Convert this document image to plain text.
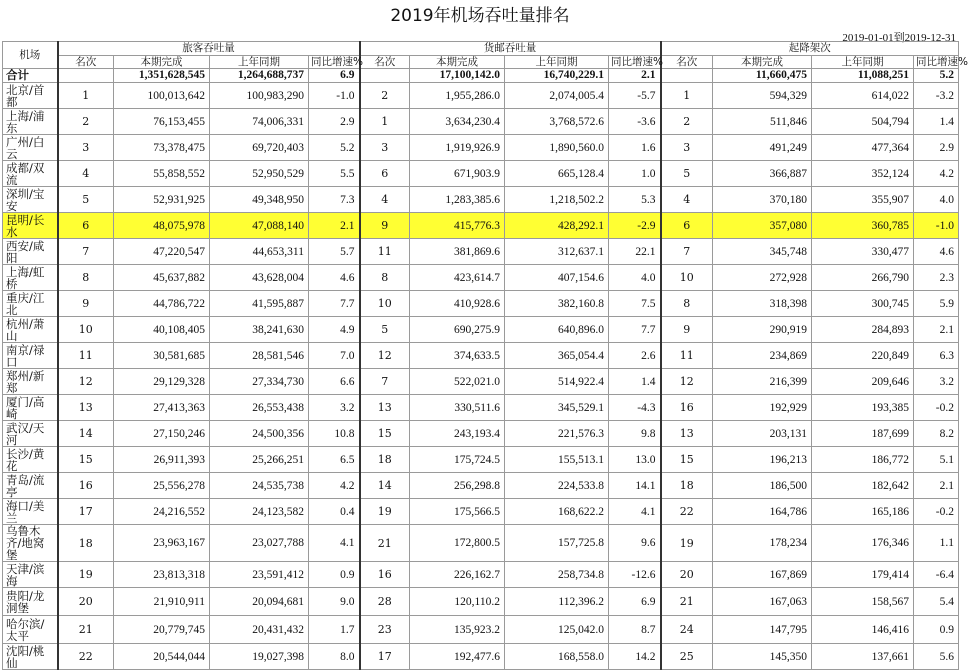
2019年机场吞吐量排名
2019-01-01到2019-12-31
机场	旅客吞吐量				货邮吞吐量				起降架次			
	名次	本期完成	上年同期	同比增速%	名次	本期完成	上年同期	同比增速%	名次	本期完成	上年同期	同比增速%
合计		1,351,628,545	1,264,688,737	6.9		17,100,142.0	16,740,229.1	2.1		11,660,475	11,088,251	5.2
北京/首都	1	100,013,642	100,983,290	-1.0	2	1,955,286.0	2,074,005.4	-5.7	1	594,329	614,022	-3.2
上海/浦东	2	76,153,455	74,006,331	2.9	1	3,634,230.4	3,768,572.6	-3.6	2	511,846	504,794	1.4
广州/白云	3	73,378,475	69,720,403	5.2	3	1,919,926.9	1,890,560.0	1.6	3	491,249	477,364	2.9
成都/双流	4	55,858,552	52,950,529	5.5	6	671,903.9	665,128.4	1.0	5	366,887	352,124	4.2
深圳/宝安	5	52,931,925	49,348,950	7.3	4	1,283,385.6	1,218,502.2	5.3	4	370,180	355,907	4.0
昆明/长水	6	48,075,978	47,088,140	2.1	9	415,776.3	428,292.1	-2.9	6	357,080	360,785	-1.0
西安/咸阳	7	47,220,547	44,653,311	5.7	11	381,869.6	312,637.1	22.1	7	345,748	330,477	4.6
上海/虹桥	8	45,637,882	43,628,004	4.6	8	423,614.7	407,154.6	4.0	10	272,928	266,790	2.3
重庆/江北	9	44,786,722	41,595,887	7.7	10	410,928.6	382,160.8	7.5	8	318,398	300,745	5.9
杭州/萧山	10	40,108,405	38,241,630	4.9	5	690,275.9	640,896.0	7.7	9	290,919	284,893	2.1
南京/禄口	11	30,581,685	28,581,546	7.0	12	374,633.5	365,054.4	2.6	11	234,869	220,849	6.3
郑州/新郑	12	29,129,328	27,334,730	6.6	7	522,021.0	514,922.4	1.4	12	216,399	209,646	3.2
厦门/高崎	13	27,413,363	26,553,438	3.2	13	330,511.6	345,529.1	-4.3	16	192,929	193,385	-0.2
武汉/天河	14	27,150,246	24,500,356	10.8	15	243,193.4	221,576.3	9.8	13	203,131	187,699	8.2
长沙/黄花	15	26,911,393	25,266,251	6.5	18	175,724.5	155,513.1	13.0	15	196,213	186,772	5.1
青岛/流亭	16	25,556,278	24,535,738	4.2	14	256,298.8	224,533.8	14.1	18	186,500	182,642	2.1
海口/美兰	17	24,216,552	24,123,582	0.4	19	175,566.5	168,622.2	4.1	22	164,786	165,186	-0.2
乌鲁木齐/地窝堡	18	23,963,167	23,027,788	4.1	21	172,800.5	157,725.8	9.6	19	178,234	176,346	1.1
天津/滨海	19	23,813,318	23,591,412	0.9	16	226,162.7	258,734.8	-12.6	20	167,869	179,414	-6.4
贵阳/龙洞堡	20	21,910,911	20,094,681	9.0	28	120,110.2	112,396.2	6.9	21	167,063	158,567	5.4
哈尔滨/太平	21	20,779,745	20,431,432	1.7	23	135,923.2	125,042.0	8.7	24	147,795	146,416	0.9
沈阳/桃仙	22	20,544,044	19,027,398	8.0	17	192,477.6	168,558.0	14.2	25	145,350	137,661	5.6
